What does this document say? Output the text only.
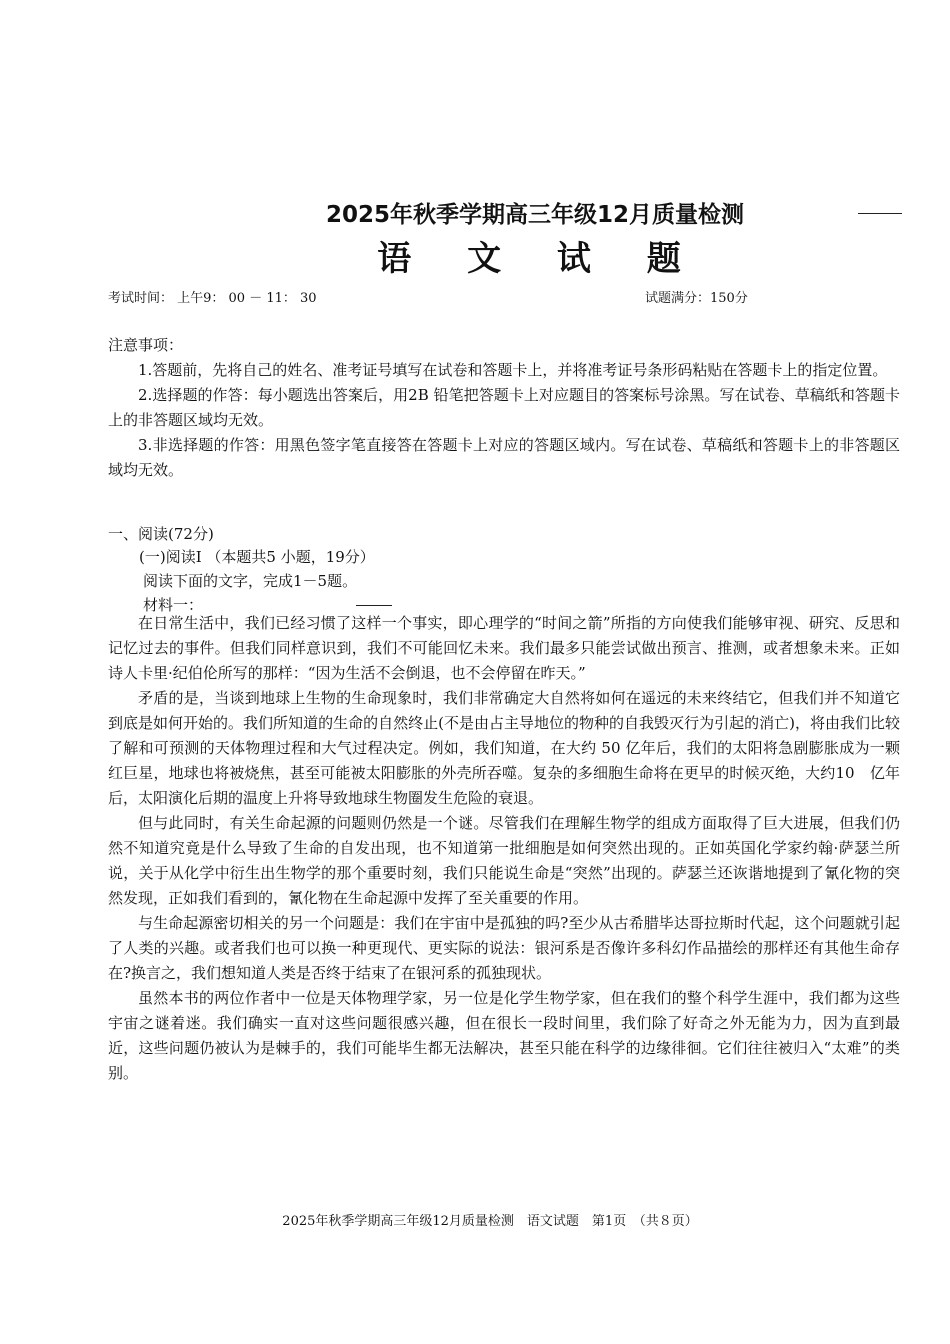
2025年秋季学期高三年级12月质量检测
语 文 试 题
考试时间： 上午9： 00 － 11： 30	试题满分：150分

注意事项：

1.答题前，先将自己的姓名、准考证号填写在试卷和答题卡上，并将准考证号条形码粘贴在答题卡上的指定位置。

2.选择题的作答：每小题选出答案后，用2B 铅笔把答题卡上对应题目的答案标号涂黑。写在试卷、草稿纸和答题卡上的非答题区域均无效。

3.非选择题的作答：用黑色签字笔直接答在答题卡上对应的答题区域内。写在试卷、草稿纸和答题卡上的非答题区域均无效。

一、阅读(72分)
(一)阅读Ⅰ （本题共5 小题，19分）
阅读下面的文字，完成1－5题。
材料一：

在日常生活中，我们已经习惯了这样一个事实，即心理学的“时间之箭”所指的方向使我们能够审视、研究、反思和记忆过去的事件。但我们同样意识到，我们不可能回忆未来。我们最多只能尝试做出预言、推测，或者想象未来。正如诗人卡里·纪伯伦所写的那样：“因为生活不会倒退，也不会停留在昨天。”

矛盾的是，当谈到地球上生物的生命现象时，我们非常确定大自然将如何在遥远的未来终结它，但我们并不知道它到底是如何开始的。我们所知道的生命的自然终止(不是由占主导地位的物种的自我毁灭行为引起的消亡)，将由我们比较了解和可预测的天体物理过程和大气过程决定。例如，我们知道，在大约 50 亿年后，我们的太阳将急剧膨胀成为一颗红巨星，地球也将被烧焦，甚至可能被太阳膨胀的外壳所吞噬。复杂的多细胞生命将在更早的时候灭绝，大约10　亿年后，太阳演化后期的温度上升将导致地球生物圈发生危险的衰退。

但与此同时，有关生命起源的问题则仍然是一个谜。尽管我们在理解生物学的组成方面取得了巨大进展，但我们仍然不知道究竟是什么导致了生命的自发出现，也不知道第一批细胞是如何突然出现的。正如英国化学家约翰·萨瑟兰所说，关于从化学中衍生出生物学的那个重要时刻，我们只能说生命是“突然”出现的。萨瑟兰还诙谐地提到了氰化物的突然发现，正如我们看到的，氰化物在生命起源中发挥了至关重要的作用。

与生命起源密切相关的另一个问题是：我们在宇宙中是孤独的吗?至少从古希腊毕达哥拉斯时代起，这个问题就引起了人类的兴趣。或者我们也可以换一种更现代、更实际的说法：银河系是否像许多科幻作品描绘的那样还有其他生命存在?换言之，我们想知道人类是否终于结束了在银河系的孤独现状。

虽然本书的两位作者中一位是天体物理学家，另一位是化学生物学家，但在我们的整个科学生涯中，我们都为这些宇宙之谜着迷。我们确实一直对这些问题很感兴趣，但在很长一段时间里，我们除了好奇之外无能为力，因为直到最近，这些问题仍被认为是棘手的，我们可能毕生都无法解决，甚至只能在科学的边缘徘徊。它们往往被归入“太难”的类别。

2025年秋季学期高三年级12月质量检测　语文试题　第1页　（共８页）
